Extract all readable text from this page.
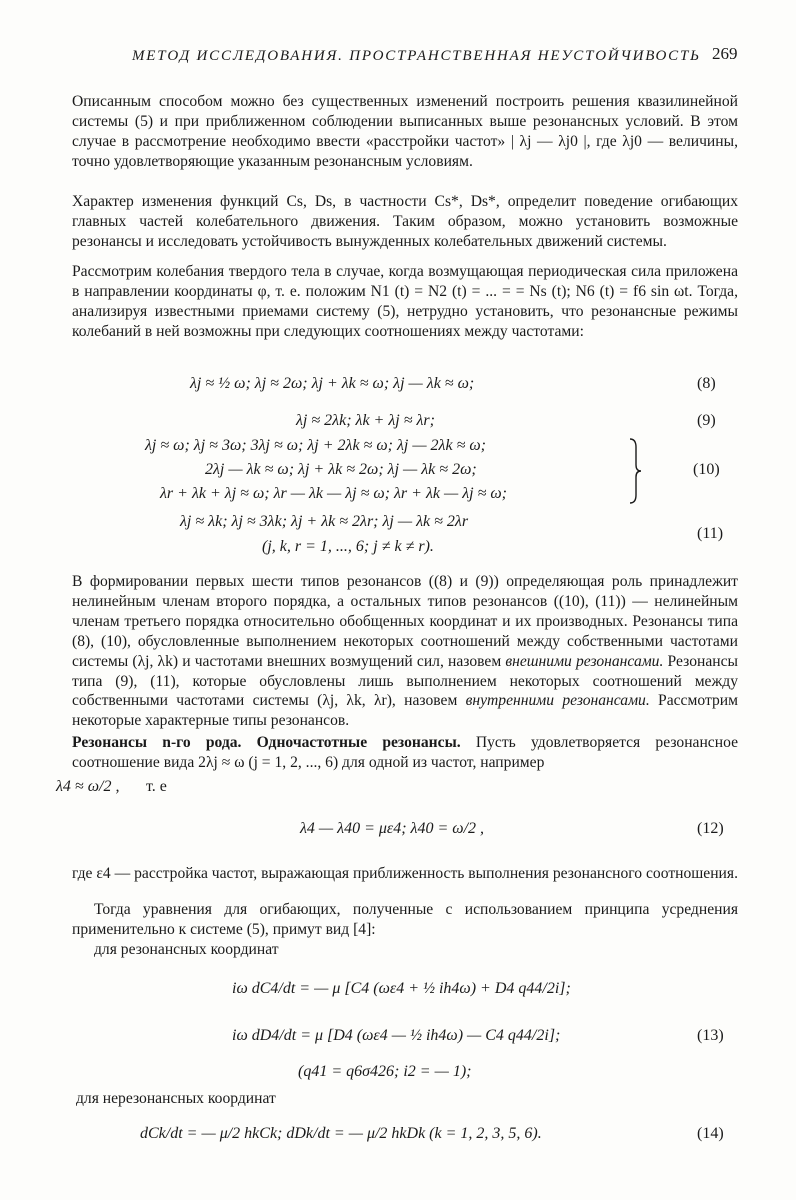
МЕТОД ИССЛЕДОВАНИЯ. ПРОСТРАНСТВЕННАЯ НЕУСТОЙЧИВОСТЬ 269

Описанным способом можно без существенных изменений построить решения квазилинейной системы (5) и при приближенном соблюдении выписанных выше резонансных условий. В этом случае в рассмотрение необходимо ввести «расстройки частот» | λj — λj0 |, где λj0 — величины, точно удовлетворяющие указанным резонансным условиям.

Характер изменения функций Cs, Ds, в частности Cs*, Ds*, определит поведение огибающих главных частей колебательного движения. Таким образом, можно установить возможные резонансы и исследовать устойчивость вынужденных колебательных движений системы.

Рассмотрим колебания твердого тела в случае, когда возмущающая периодическая сила приложена в направлении координаты φ, т. е. положим N1 (t) = N2 (t) = ... = = Ns (t); N6 (t) = f6 sin ωt. Тогда, анализируя известными приемами систему (5), нетрудно установить, что резонансные режимы колебаний в ней возможны при следующих соотношениях между частотами:

λj ≈ ½ ω; λj ≈ 2ω; λj + λk ≈ ω; λj — λk ≈ ω;	(8)
λj ≈ 2λk; λk + λj ≈ λr;	(9)
λj ≈ ω; λj ≈ 3ω; 3λj ≈ ω; λj + 2λk ≈ ω; λj — 2λk ≈ ω;
2λj — λk ≈ ω; λj + λk ≈ 2ω; λj — λk ≈ 2ω;
λr + λk + λj ≈ ω; λr — λk — λj ≈ ω; λr + λk — λj ≈ ω;
(10)
λj ≈ λk; λj ≈ 3λk; λj + λk ≈ 2λr; λj — λk ≈ 2λr
(j, k, r = 1, ..., 6; j ≠ k ≠ r).
(11)

В формировании первых шести типов резонансов ((8) и (9)) определяющая роль принадлежит нелинейным членам второго порядка, а остальных типов резонансов ((10), (11)) — нелинейным членам третьего порядка относительно обобщенных координат и их производных. Резонансы типа (8), (10), обусловленные выполнением некоторых соотношений между собственными частотами системы (λj, λk) и частотами внешних возмущений сил, назовем внешними резонансами. Резонансы типа (9), (11), которые обусловлены лишь выполнением некоторых соотношений между собственными частотами системы (λj, λk, λr), назовем внутренними резонансами. Рассмотрим некоторые характерные типы резонансов.

Резонансы n-го рода. Одночастотные резонансы. Пусть удовлетворяется резонансное соотношение вида 2λj ≈ ω (j = 1, 2, ..., 6) для одной из частот, например

λ4 ≈ ω/2 , т. е
λ4 — λ40 = με4; λ40 = ω/2 ,	(12)

где ε4 — расстройка частот, выражающая приближенность выполнения резонансного соотношения.

Тогда уравнения для огибающих, полученные с использованием принципа усреднения применительно к системе (5), примут вид [4]:

для резонансных координат

iω dC4/dt = — μ [C4 (ωε4 + ½ ih4ω) + D4 q44/2i];
iω dD4/dt = μ [D4 (ωε4 — ½ ih4ω) — C4 q44/2i];
(q41 = q6σ426; i2 = — 1);
(13)

для нерезонансных координат

dCk/dt = — μ/2 hkCk; dDk/dt = — μ/2 hkDk (k = 1, 2, 3, 5, 6).	(14)
